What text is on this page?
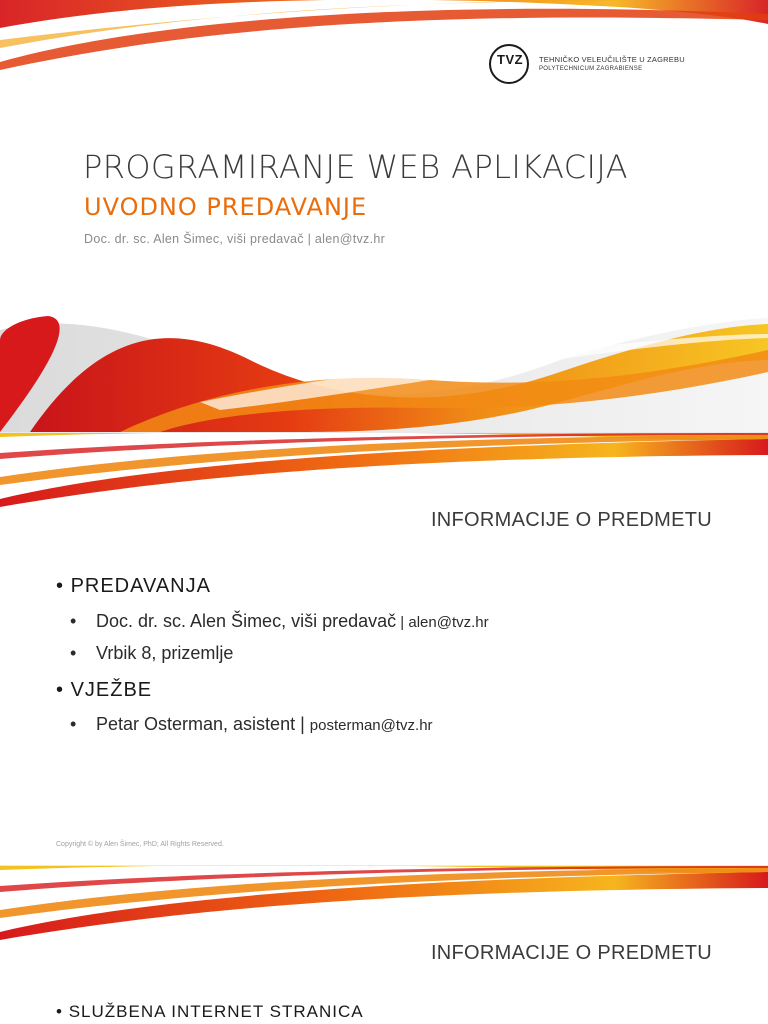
TVZ TEHNIČKO VELEUČILIŠTE U ZAGREBU
POLYTECHNICUM ZAGRABIENSE
PROGRAMIRANJE WEB APLIKACIJA
UVODNO PREDAVANJE
Doc. dr. sc. Alen Šimec, viši predavač | alen@tvz.hr
INFORMACIJE O PREDMETU
• PREDAVANJA
• Doc. dr. sc. Alen Šimec, viši predavač | alen@tvz.hr
• Vrbik 8, prizemlje
• VJEŽBE
• Petar Osterman, asistent | posterman@tvz.hr
Copyright © by Alen Šimec, PhD; All Rights Reserved.
INFORMACIJE O PREDMETU
• SLUŽBENA INTERNET STRANICA
